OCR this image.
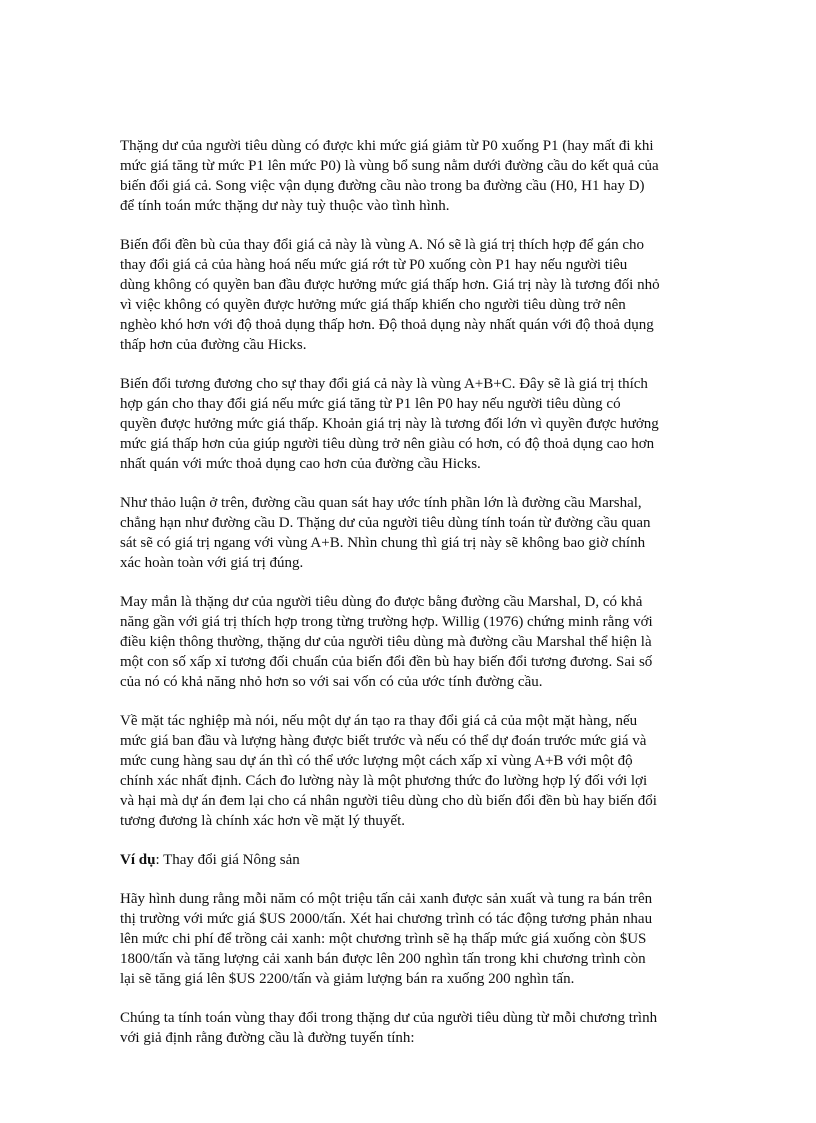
Thặng dư của người tiêu dùng có được khi mức giá giảm từ P0 xuống P1 (hay mất đi khi
mức giá tăng từ mức P1 lên mức P0) là vùng bổ sung nằm dưới đường cầu do kết quả của
biến đổi giá cả. Song việc vận dụng đường cầu nào trong ba đường cầu (H0, H1 hay D)
để tính toán mức thặng dư này tuỳ thuộc vào tình hình.

Biến đổi đền bù của thay đổi giá cả này là vùng A. Nó sẽ là giá trị thích hợp để gán cho
thay đổi giá cả của hàng hoá nếu mức giá rớt từ P0 xuống còn P1 hay nếu người tiêu
dùng không có quyền ban đầu được hưởng mức giá thấp hơn. Giá trị này là tương đối nhỏ
vì việc không có quyền được hưởng mức giá thấp khiến cho người tiêu dùng trở nên
nghèo khó hơn với độ thoả dụng thấp hơn. Độ thoả dụng này nhất quán với độ thoả dụng
thấp hơn của đường cầu Hicks.

Biến đổi tương đương cho sự thay đổi giá cả này là vùng A+B+C. Đây sẽ là giá trị thích
hợp gán cho thay đổi giá nếu mức giá tăng từ P1 lên P0 hay nếu người tiêu dùng có
quyền được hưởng mức giá thấp. Khoản giá trị này là tương đối lớn vì quyền được hưởng
mức giá thấp hơn của giúp người tiêu dùng trở nên giàu có hơn, có độ thoả dụng cao hơn
nhất quán với mức thoả dụng cao hơn của đường cầu Hicks.

Như thảo luận ở trên, đường cầu quan sát hay ước tính phần lớn là đường cầu Marshal,
chẳng hạn như đường cầu D. Thặng dư của người tiêu dùng tính toán từ đường cầu quan
sát sẽ có giá trị ngang với vùng A+B. Nhìn chung thì giá trị này sẽ không bao giờ chính
xác hoàn toàn với giá trị đúng.

May mắn là thặng dư của người tiêu dùng đo được bằng đường cầu Marshal, D, có khả
năng gần với giá trị thích hợp trong từng trường hợp. Willig (1976) chứng minh rằng với
điều kiện thông thường, thặng dư của người tiêu dùng mà đường cầu Marshal thể hiện là
một con số xấp xỉ tương đối chuẩn của biến đổi đền bù hay biến đổi tương đương. Sai số
của nó có khả năng nhỏ hơn so với sai vốn có của ước tính đường cầu.

Về mặt tác nghiệp mà nói, nếu một dự án tạo ra thay đổi giá cả của một mặt hàng, nếu
mức giá ban đầu và lượng hàng được biết trước và nếu có thể dự đoán trước mức giá và
mức cung hàng sau dự án thì có thể ước lượng một cách xấp xỉ vùng A+B với một độ
chính xác nhất định. Cách đo lường này là một phương thức đo lường hợp lý đối với lợi
và hại mà dự án đem lại cho cá nhân người tiêu dùng cho dù biến đổi đền bù hay biến đổi
tương đương là chính xác hơn về mặt lý thuyết.

Ví dụ: Thay đổi giá Nông sản

Hãy hình dung rằng mỗi năm có một triệu tấn cải xanh được sản xuất và tung ra bán trên
thị trường với mức giá $US 2000/tấn. Xét hai chương trình có tác động tương phản nhau
lên mức chi phí để trồng cải xanh: một chương trình sẽ hạ thấp mức giá xuống còn $US
1800/tấn và tăng lượng cải xanh bán được lên 200 nghìn tấn trong khi chương trình còn
lại sẽ tăng giá lên $US 2200/tấn và giảm lượng bán ra xuống 200 nghìn tấn.

Chúng ta tính toán vùng thay đổi trong thặng dư của người tiêu dùng từ mỗi chương trình
với giả định rằng đường cầu là đường tuyến tính:
